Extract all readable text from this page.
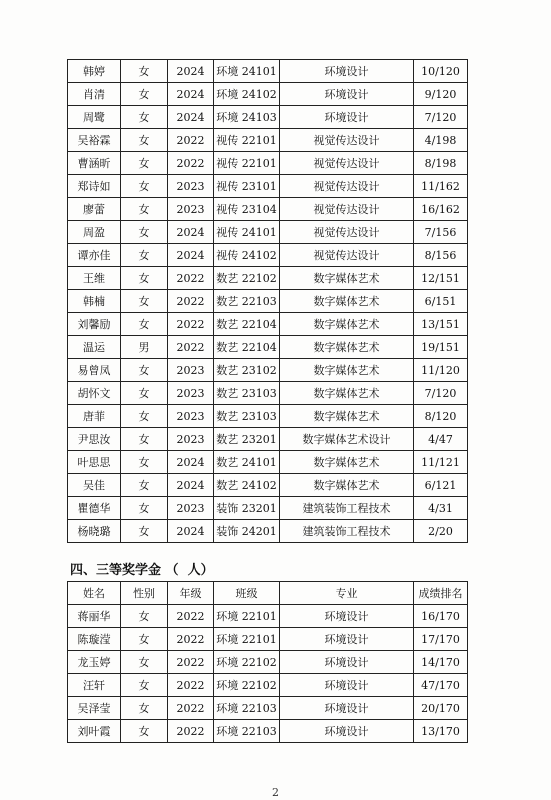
韩婷	女	2024	环境 24101	环境设计	10/120
肖清	女	2024	环境 24102	环境设计	9/120
周鹭	女	2024	环境 24103	环境设计	7/120
吴裕霖	女	2022	视传 22101	视觉传达设计	4/198
曹涵昕	女	2022	视传 22101	视觉传达设计	8/198
郑诗如	女	2023	视传 23101	视觉传达设计	11/162
廖蕾	女	2023	视传 23104	视觉传达设计	16/162
周盈	女	2024	视传 24101	视觉传达设计	7/156
谭亦佳	女	2024	视传 24102	视觉传达设计	8/156
王维	女	2022	数艺 22102	数字媒体艺术	12/151
韩楠	女	2022	数艺 22103	数字媒体艺术	6/151
刘馨励	女	2022	数艺 22104	数字媒体艺术	13/151
温运	男	2022	数艺 22104	数字媒体艺术	19/151
易曾凤	女	2023	数艺 23102	数字媒体艺术	11/120
胡怀文	女	2023	数艺 23103	数字媒体艺术	7/120
唐菲	女	2023	数艺 23103	数字媒体艺术	8/120
尹思汝	女	2023	数艺 23201	数字媒体艺术设计	4/47
叶思思	女	2024	数艺 24101	数字媒体艺术	11/121
吴佳	女	2024	数艺 24102	数字媒体艺术	6/121
瞿德华	女	2023	装饰 23201	建筑装饰工程技术	4/31
杨晓璐	女	2024	装饰 24201	建筑装饰工程技术	2/20
四、三等奖学金 （  人）
姓名	性别	年级	班级	专业	成绩排名
蒋丽华	女	2022	环境 22101	环境设计	16/170
陈璇滢	女	2022	环境 22101	环境设计	17/170
龙玉婷	女	2022	环境 22102	环境设计	14/170
汪轩	女	2022	环境 22102	环境设计	47/170
吴泽莹	女	2022	环境 22103	环境设计	20/170
刘叶霞	女	2022	环境 22103	环境设计	13/170
2
